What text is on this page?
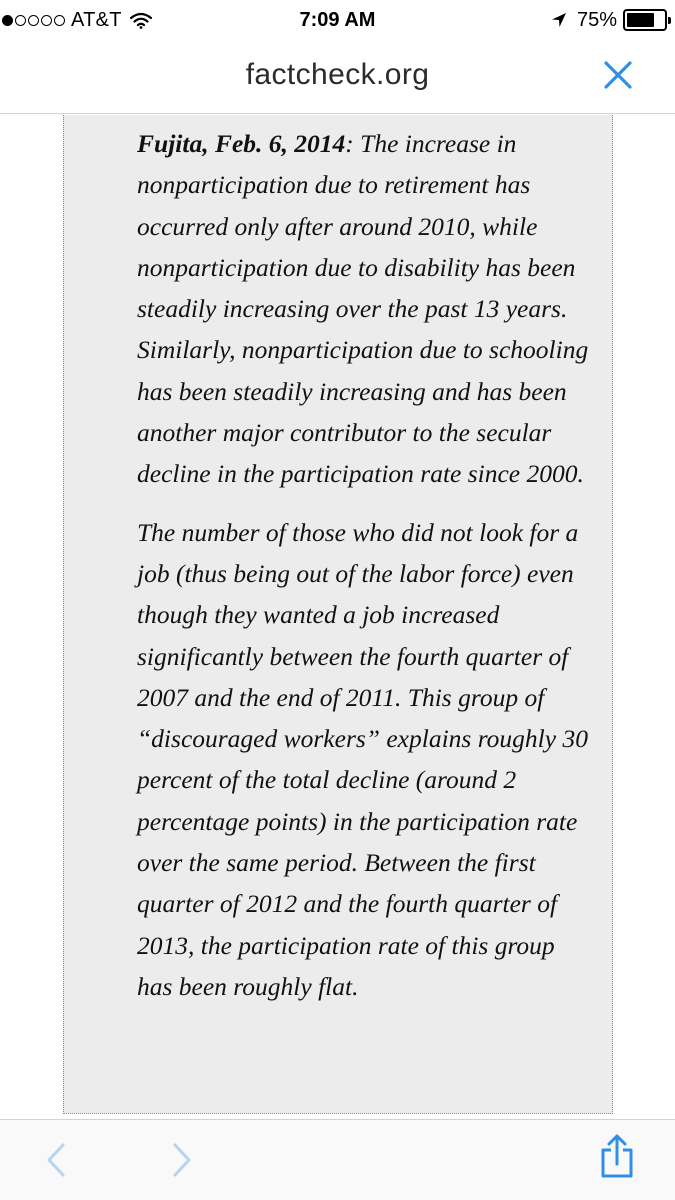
AT&T	7:09 AM	75%
factcheck.org

Fujita, Feb. 6, 2014: The increase in nonparticipation due to retirement has occurred only after around 2010, while nonparticipation due to disability has been steadily increasing over the past 13 years. Similarly, nonparticipation due to schooling has been steadily increasing and has been another major contributor to the secular decline in the participation rate since 2000.

The number of those who did not look for a job (thus being out of the labor force) even though they wanted a job increased significantly between the fourth quarter of 2007 and the end of 2011. This group of “discouraged workers” explains roughly 30 percent of the total decline (around 2 percentage points) in the participation rate over the same period. Between the first quarter of 2012 and the fourth quarter of 2013, the participation rate of this group has been roughly flat.
